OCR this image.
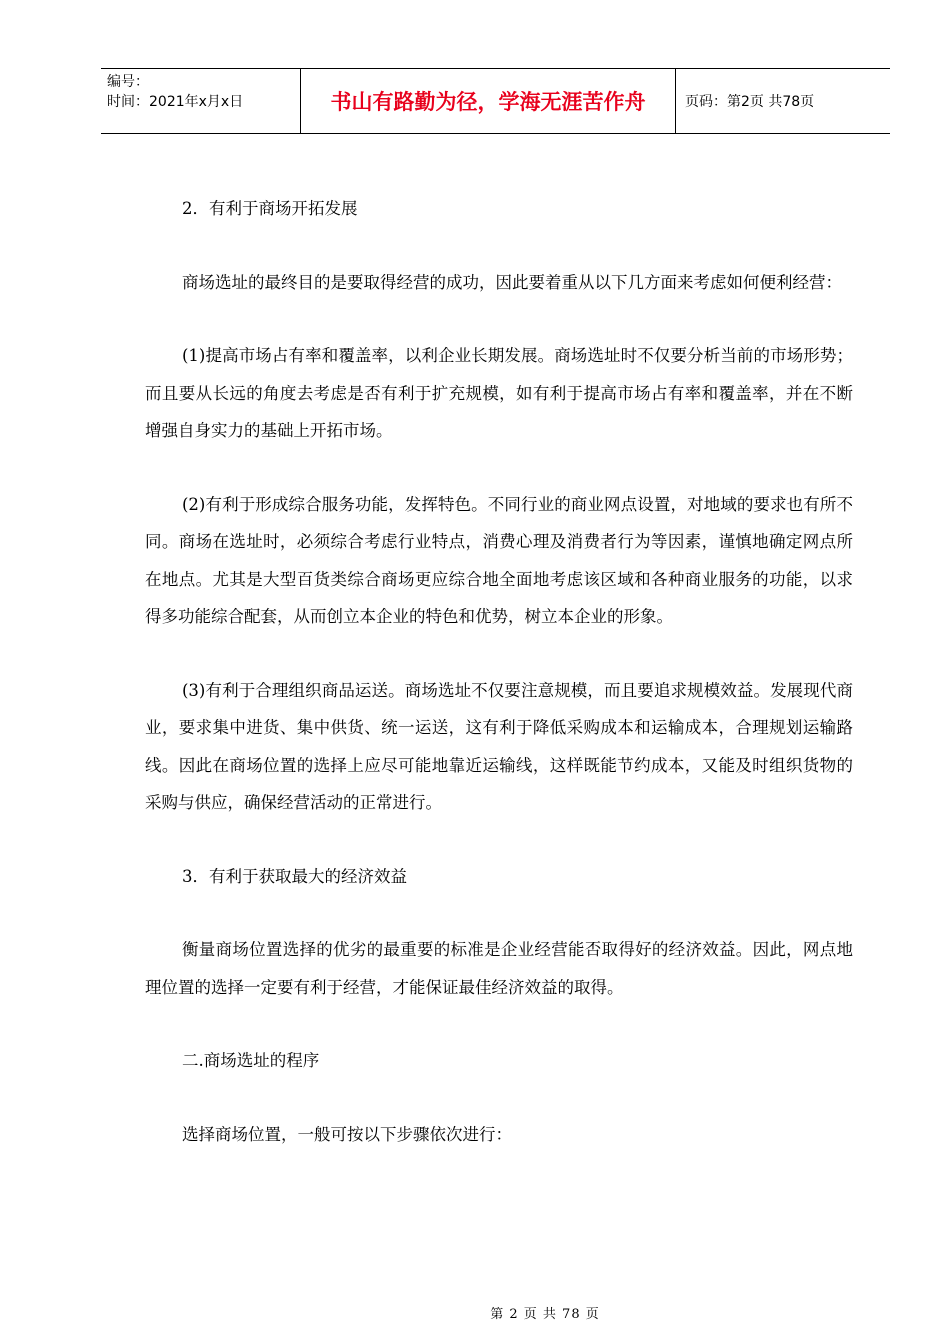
编号：
时间：2021年x月x日	书山有路勤为径，学海无涯苦作舟	页码：第2页 共78页

2．有利于商场开拓发展

商场选址的最终目的是要取得经营的成功，因此要着重从以下几方面来考虑如何便利经营：

(1)提高市场占有率和覆盖率，以利企业长期发展。商场选址时不仅要分析当前的市场形势；而且要从长远的角度去考虑是否有利于扩充规模，如有利于提高市场占有率和覆盖率，并在不断增强自身实力的基础上开拓市场。

(2)有利于形成综合服务功能，发挥特色。不同行业的商业网点设置，对地域的要求也有所不同。商场在选址时，必须综合考虑行业特点，消费心理及消费者行为等因素，谨慎地确定网点所在地点。尤其是大型百货类综合商场更应综合地全面地考虑该区域和各种商业服务的功能，以求得多功能综合配套，从而创立本企业的特色和优势，树立本企业的形象。

(3)有利于合理组织商品运送。商场选址不仅要注意规模，而且要追求规模效益。发展现代商业，要求集中进货、集中供货、统一运送，这有利于降低采购成本和运输成本，合理规划运输路线。因此在商场位置的选择上应尽可能地靠近运输线，这样既能节约成本，又能及时组织货物的采购与供应，确保经营活动的正常进行。

3．有利于获取最大的经济效益

衡量商场位置选择的优劣的最重要的标准是企业经营能否取得好的经济效益。因此，网点地理位置的选择一定要有利于经营，才能保证最佳经济效益的取得。

二.商场选址的程序

选择商场位置，一般可按以下步骤依次进行：

第 2 页 共 78 页
